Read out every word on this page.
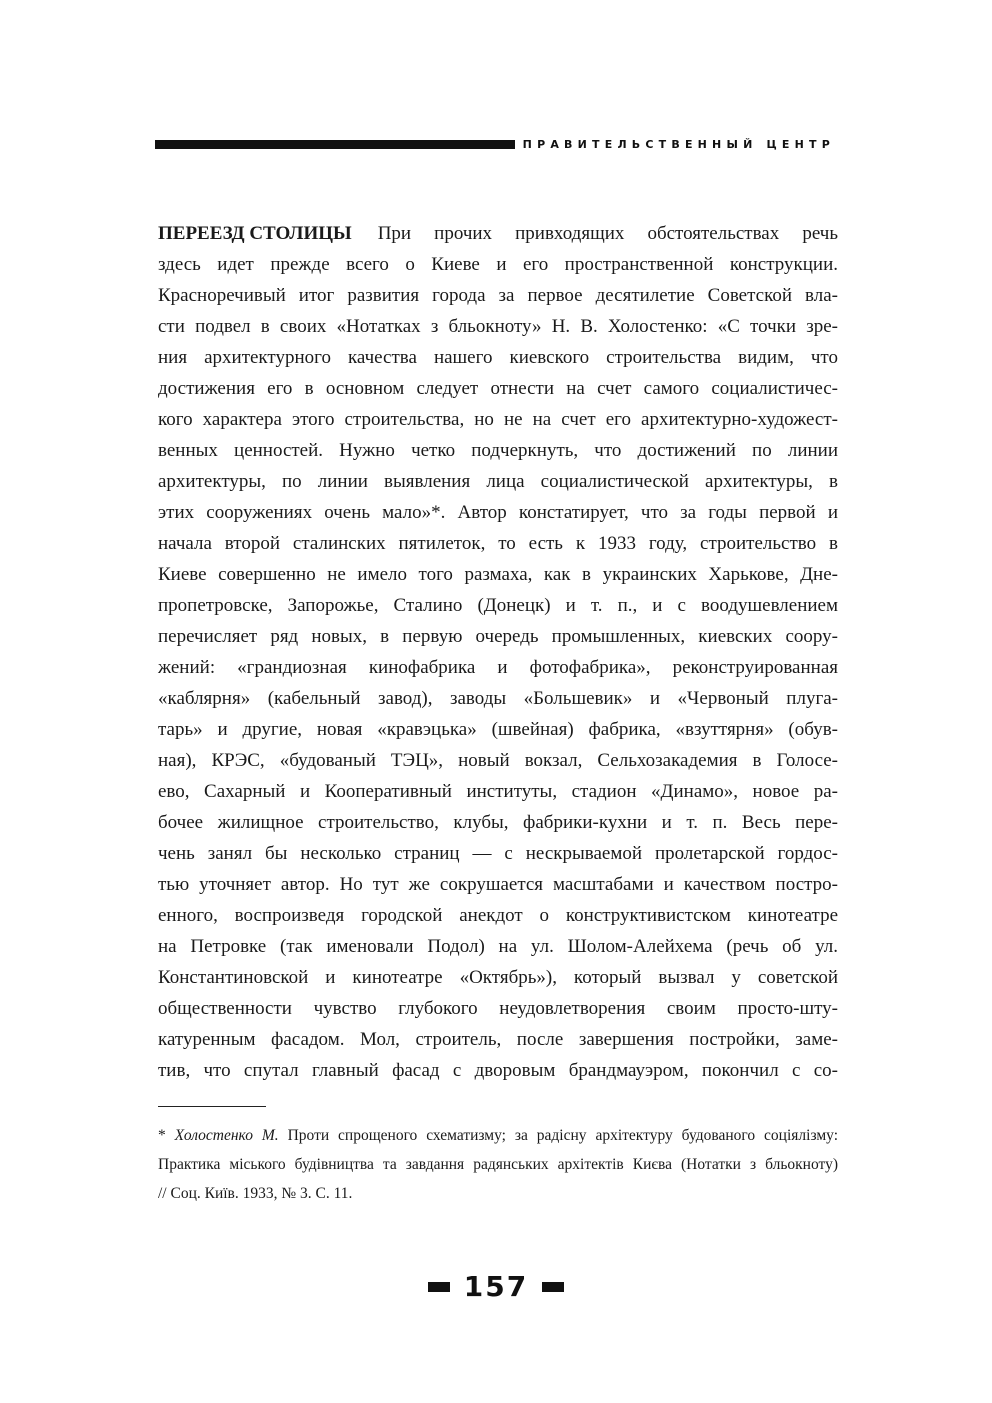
ПРАВИТЕЛЬСТВЕННЫЙ ЦЕНТР
ПЕРЕЕЗД СТОЛИЦЫ При прочих привходящих обстоятельствах речь
здесь идет прежде всего о Киеве и его пространственной конструкции.
Красноречивый итог развития города за первое десятилетие Советской вла-
сти подвел в своих «Нотатках з бльокноту» Н. В. Холостенко: «С точки зре-
ния архитектурного качества нашего киевского строительства видим, что
достижения его в основном следует отнести на счет самого социалистичес-
кого характера этого строительства, но не на счет его архитектурно-художест-
венных ценностей. Нужно четко подчеркнуть, что достижений по линии
архитектуры, по линии выявления лица социалистической архитектуры, в
этих сооружениях очень мало»*. Автор констатирует, что за годы первой и
начала второй сталинских пятилеток, то есть к 1933 году, строительство в
Киеве совершенно не имело того размаха, как в украинских Харькове, Дне-
пропетровске, Запорожье, Сталино (Донецк) и т. п., и с воодушевлением
перечисляет ряд новых, в первую очередь промышленных, киевских соору-
жений: «грандиозная кинофабрика и фотофабрика», реконструированная
«каблярня» (кабельный завод), заводы «Большевик» и «Червоный плуга-
тарь» и другие, новая «кравэцька» (швейная) фабрика, «взуттярня» (обув-
ная), КРЭС, «будованый ТЭЦ», новый вокзал, Сельхозакадемия в Голосе-
ево, Сахарный и Кооперативный институты, стадион «Динамо», новое ра-
бочее жилищное строительство, клубы, фабрики-кухни и т. п. Весь пере-
чень занял бы несколько страниц — с нескрываемой пролетарской гордос-
тью уточняет автор. Но тут же сокрушается масштабами и качеством постро-
енного, воспроизведя городской анекдот о конструктивистском кинотеатре
на Петровке (так именовали Подол) на ул. Шолом-Алейхема (речь об ул.
Константиновской и кинотеатре «Октябрь»), который вызвал у советской
общественности чувство глубокого неудовлетворения своим просто-шту-
катуренным фасадом. Мол, строитель, после завершения постройки, заме-
тив, что спутал главный фасад с дворовым брандмауэром, покончил с со-
* Холостенко М. Проти спрощеного схематизму; за радісну архітектуру будованого соціялізму:
Практика міського будівництва та завдання радянських архітектів Києва (Нотатки з бльокноту)
// Соц. Київ. 1933, № 3. С. 11.
157
